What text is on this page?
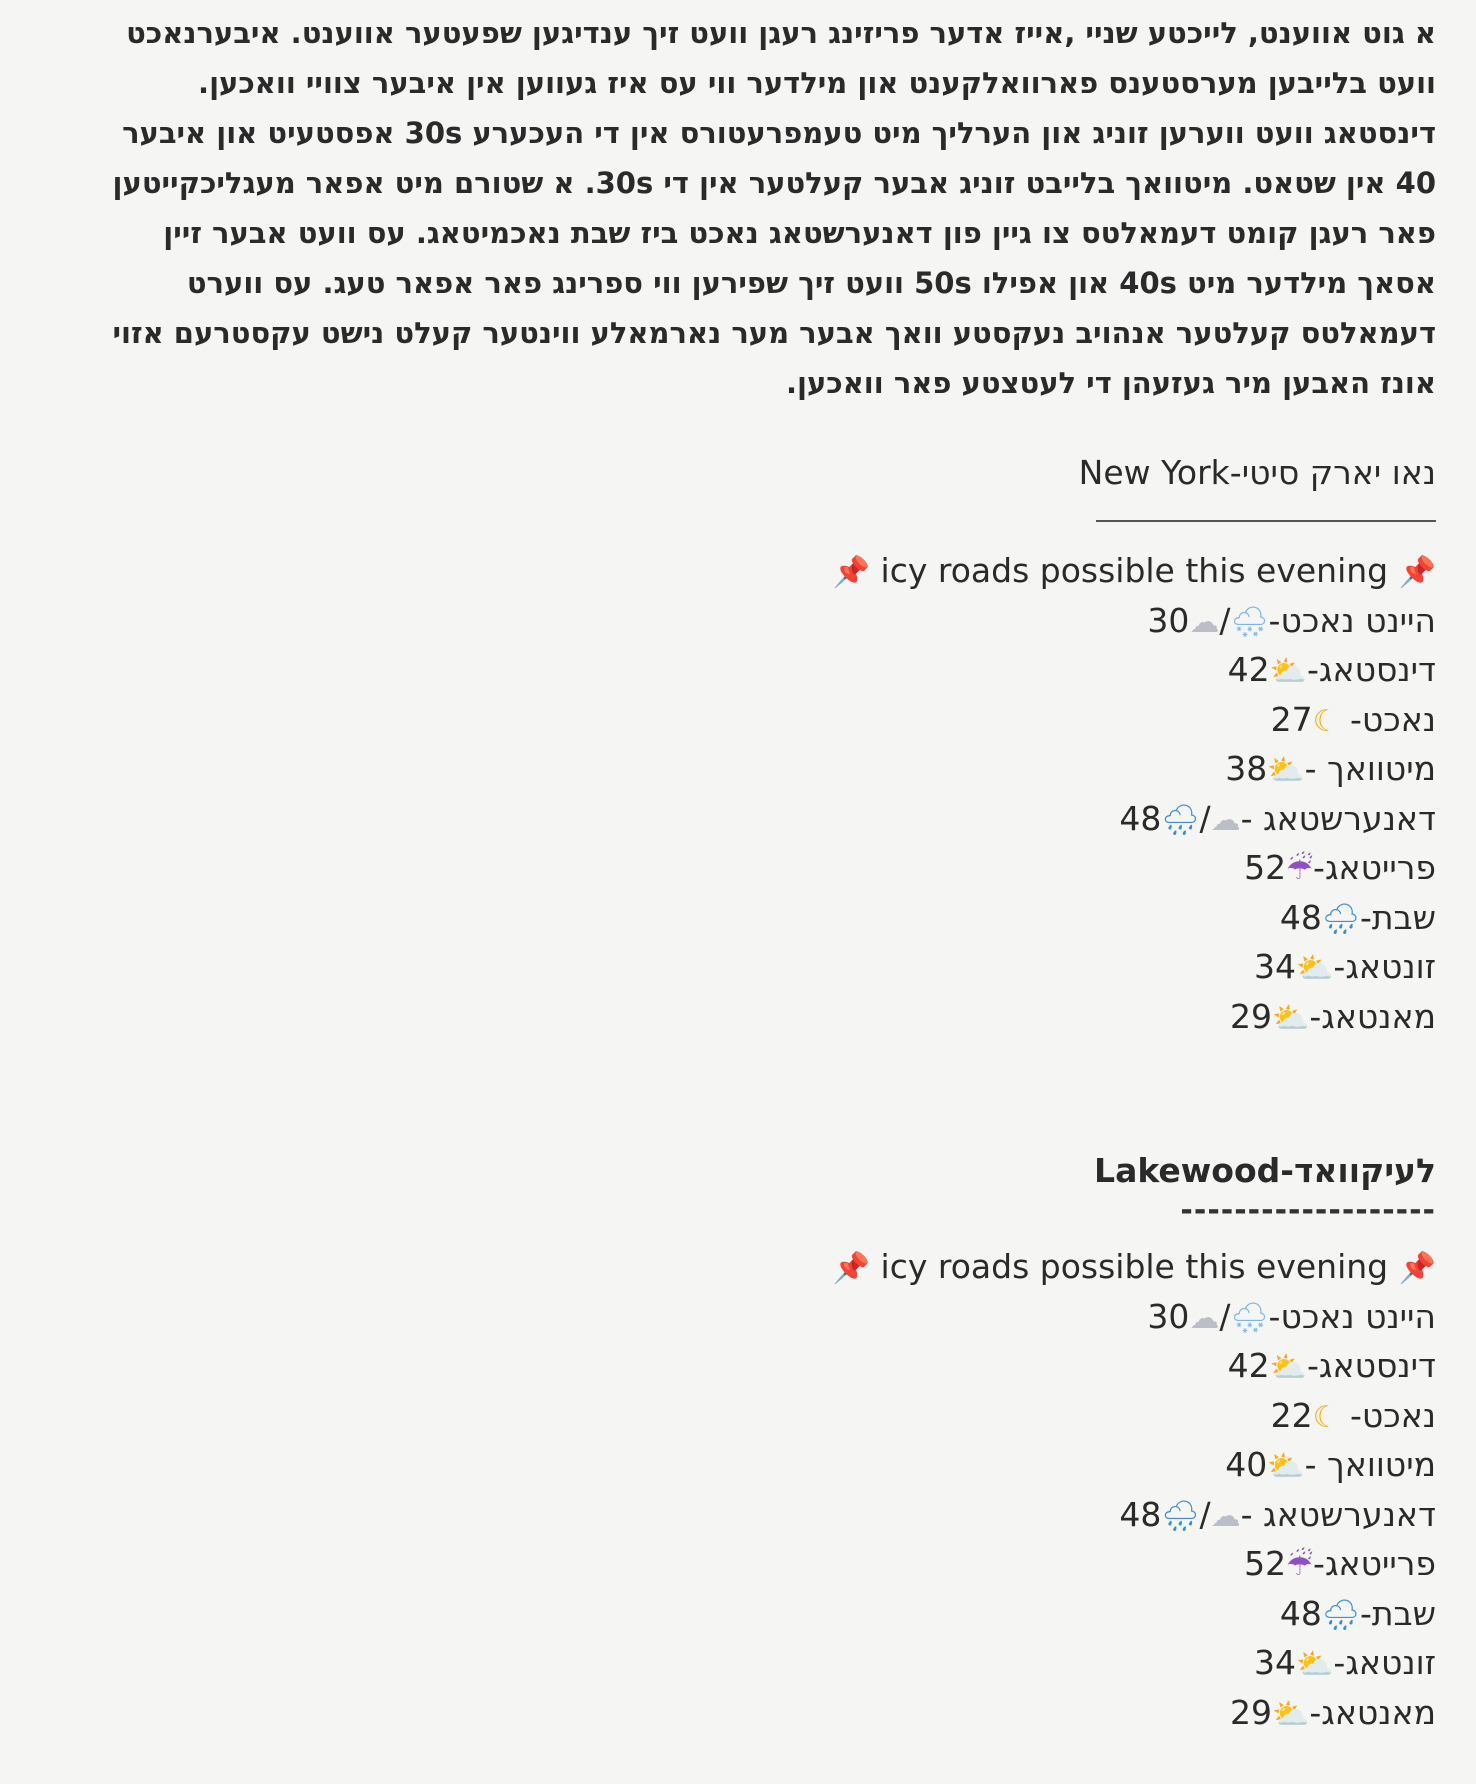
א גוט אווענט, לייכטע שניי ,אייז אדער פריזינג רעגן וועט זיך ענדיגען שפעטער אווענט. איבערנאכט וועט בלייבען מערסטענס פארוואלקענט און מילדער ווי עס איז געווען אין איבער צוויי וואכען. דינסטאג וועט ווערען זוניג און הערליך מיט טעמפרעטורס אין די העכערע 30s אפסטעיט און איבער 40 אין שטאט. מיטוואך בלייבט זוניג אבער קעלטער אין די 30s. א שטורם מיט אפאר מעגליכקייטען פאר רעגן קומט דעמאלטס צו גיין פון דאנערשטאג נאכט ביז שבת נאכמיטאג. עס וועט אבער זיין אסאך מילדער מיט 40s און אפילו 50s וועט זיך שפירען ווי ספרינג פאר אפאר טעג. עס ווערט דעמאלטס קעלטער אנהויב נעקסטע וואך אבער מער נארמאלע ווינטער קעלט נישט עקסטרעם אזוי אונז האבען מיר געזעהן די לעטצטע פאר וואכען.

נאו יארק סיטי-New York
📌 icy roads possible this evening 📌
היינט נאכט-🌨/☁30
דינסטאג-⛅42
נאכט- ☾ 27
מיטוואך -⛅38
דאנערשטאג -☁/🌧48
פרייטאג-☔52
שבת-🌧48
זונטאג-⛅34
מאנטאג-⛅29
לעיקוואד-Lakewood
-------------------
📌 icy roads possible this evening 📌
היינט נאכט-🌨/☁30
דינסטאג-⛅42
נאכט- ☾ 22
מיטוואך -⛅40
דאנערשטאג -☁/🌧48
פרייטאג-☔52
שבת-🌧48
זונטאג-⛅34
מאנטאג-⛅29
